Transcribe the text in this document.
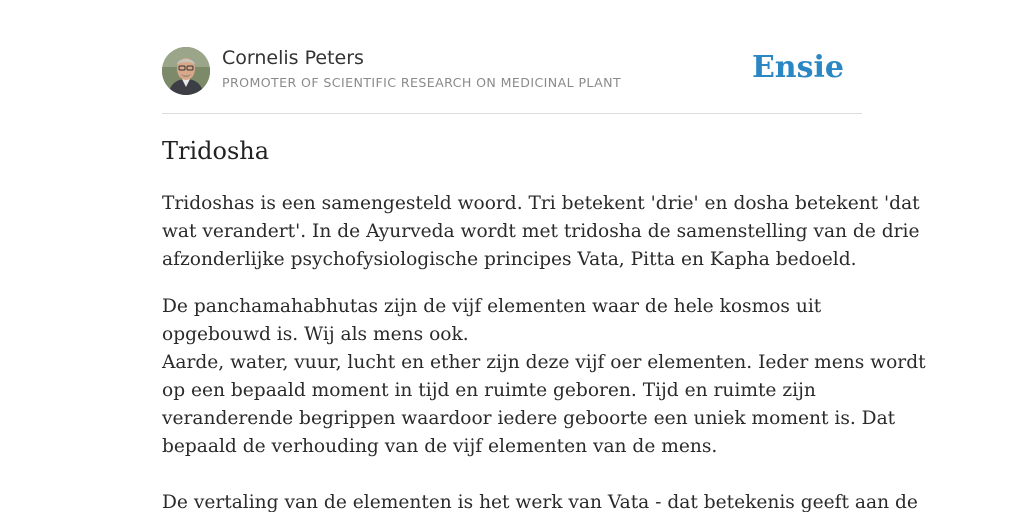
Cornelis Peters
PROMOTER OF SCIENTIFIC RESEARCH ON MEDICINAL PLANT	Ensie
Tridosha
Tridoshas is een samengesteld woord. Tri betekent 'drie' en dosha betekent 'dat
wat verandert'. In de Ayurveda wordt met tridosha de samenstelling van de drie
afzonderlijke psychofysiologische principes Vata, Pitta en Kapha bedoeld.
De panchamahabhutas zijn de vijf elementen waar de hele kosmos uit
opgebouwd is. Wij als mens ook.
Aarde, water, vuur, lucht en ether zijn deze vijf oer elementen. Ieder mens wordt
op een bepaald moment in tijd en ruimte geboren. Tijd en ruimte zijn
veranderende begrippen waardoor iedere geboorte een uniek moment is. Dat
bepaald de verhouding van de vijf elementen van de mens.
De vertaling van de elementen is het werk van Vata - dat betekenis geeft aan de
